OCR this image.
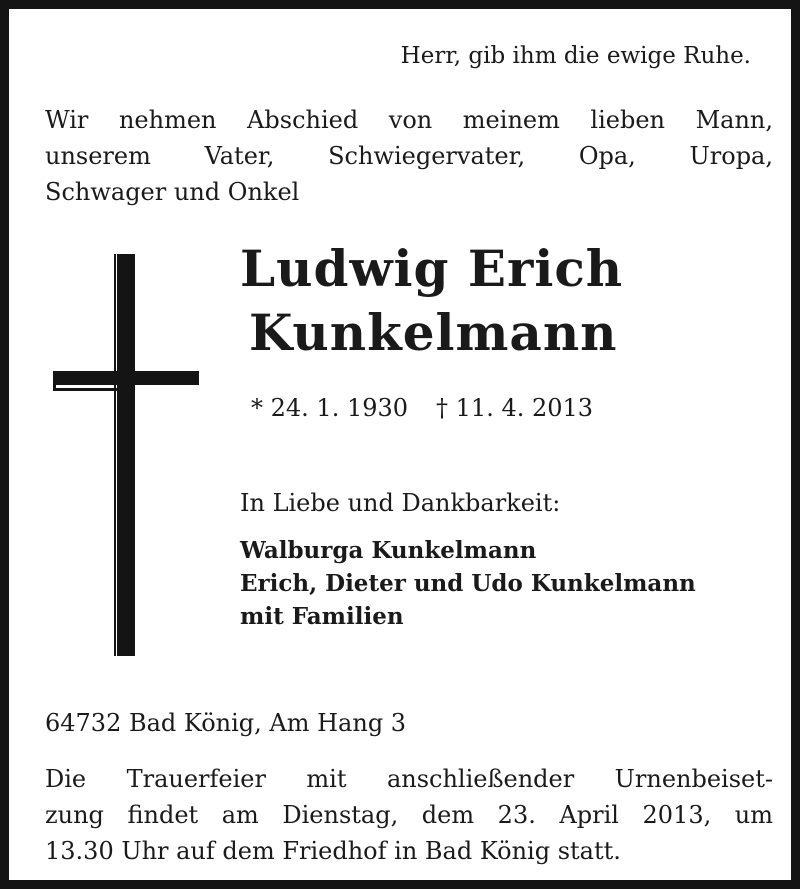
Herr, gib ihm die ewige Ruhe.
Wir nehmen Abschied von meinem lieben Mann,
unserem Vater, Schwiegervater, Opa, Uropa,
Schwager und Onkel
Ludwig Erich
Kunkelmann
* 24. 1. 1930 † 11. 4. 2013
In Liebe und Dankbarkeit:
Walburga Kunkelmann
Erich, Dieter und Udo Kunkelmann
mit Familien
64732 Bad König, Am Hang 3
Die Trauerfeier mit anschließender Urnenbeiset-
zung findet am Dienstag, dem 23. April 2013, um
13.30 Uhr auf dem Friedhof in Bad König statt.
